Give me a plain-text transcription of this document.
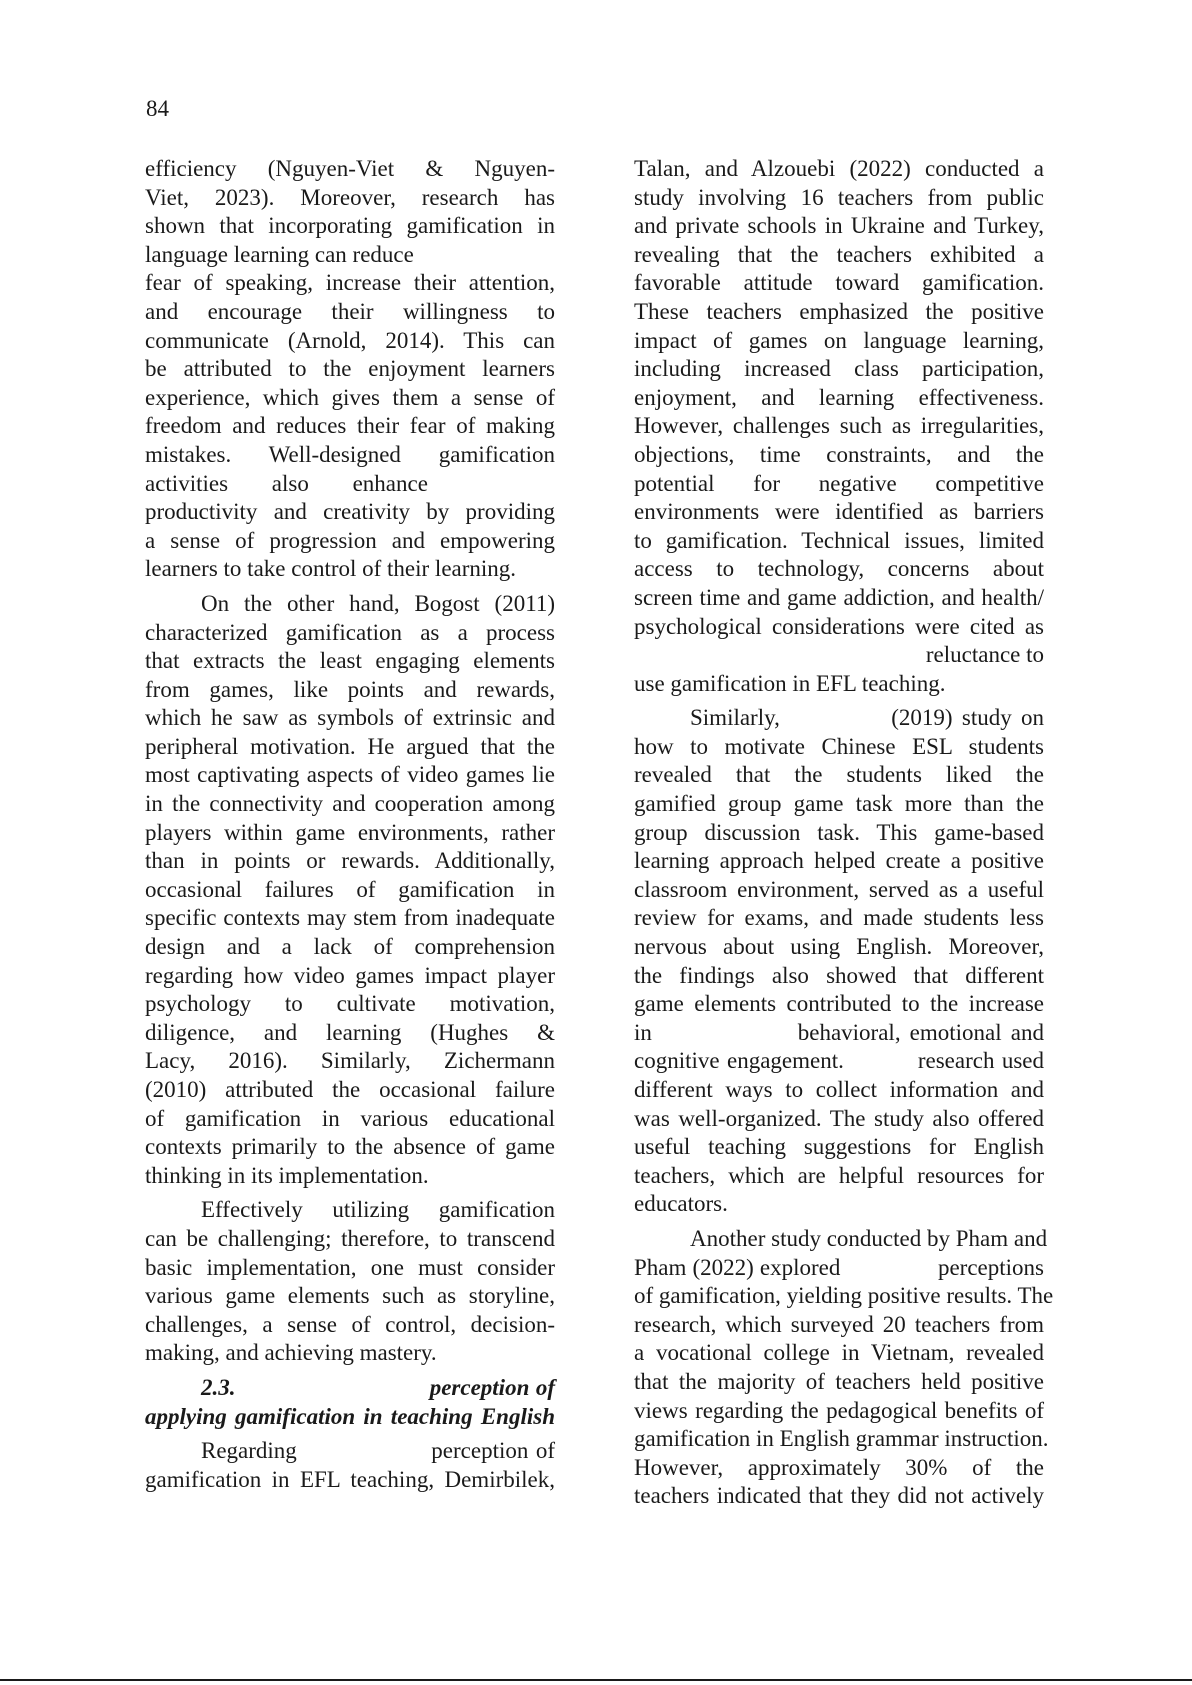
84
efficiency (Nguyen-Viet & Nguyen-
Viet, 2023). Moreover, research has
shown that incorporating gamification in
language learning can reduce
fear of speaking, increase their attention,
and encourage their willingness to
communicate (Arnold, 2014). This can
be attributed to the enjoyment learners
experience, which gives them a sense of
freedom and reduces their fear of making
mistakes. Well-designed gamification
activities also enhance
productivity and creativity by providing
a sense of progression and empowering
learners to take control of their learning.
On the other hand, Bogost (2011)
characterized gamification as a process
that extracts the least engaging elements
from games, like points and rewards,
which he saw as symbols of extrinsic and
peripheral motivation. He argued that the
most captivating aspects of video games lie
in the connectivity and cooperation among
players within game environments, rather
than in points or rewards. Additionally,
occasional failures of gamification in
specific contexts may stem from inadequate
design and a lack of comprehension
regarding how video games impact player
psychology to cultivate motivation,
diligence, and learning (Hughes &
Lacy, 2016). Similarly, Zichermann
(2010) attributed the occasional failure
of gamification in various educational
contexts primarily to the absence of game
thinking in its implementation.
Effectively utilizing gamification
can be challenging; therefore, to transcend
basic implementation, one must consider
various game elements such as storyline,
challenges, a sense of control, decision-
making, and achieving mastery.
2.3.                              perception of
applying gamification in teaching English
Regarding                  perception of
gamification in EFL teaching, Demirbilek,
Talan, and Alzouebi (2022) conducted a
study involving 16 teachers from public
and private schools in Ukraine and Turkey,
revealing that the teachers exhibited a
favorable attitude toward gamification.
These teachers emphasized the positive
impact of games on language learning,
including increased class participation,
enjoyment, and learning effectiveness.
However, challenges such as irregularities,
objections, time constraints, and the
potential for negative competitive
environments were identified as barriers
to gamification. Technical issues, limited
access to technology, concerns about
screen time and game addiction, and health/
psychological considerations were cited as
reluctance to
use gamification in EFL teaching.
Similarly,            (2019) study on
how to motivate Chinese ESL students
revealed that the students liked the
gamified group game task more than the
group discussion task. This game-based
learning approach helped create a positive
classroom environment, served as a useful
review for exams, and made students less
nervous about using English. Moreover,
the findings also showed that different
game elements contributed to the increase
in                behavioral, emotional and
cognitive engagement.          research used
different ways to collect information and
was well-organized. The study also offered
useful teaching suggestions for English
teachers, which are helpful resources for
educators.
Another study conducted by Pham and
Pham (2022) explored                perceptions
of gamification, yielding positive results. The
research, which surveyed 20 teachers from
a vocational college in Vietnam, revealed
that the majority of teachers held positive
views regarding the pedagogical benefits of
gamification in English grammar instruction.
However, approximately 30% of the
teachers indicated that they did not actively
